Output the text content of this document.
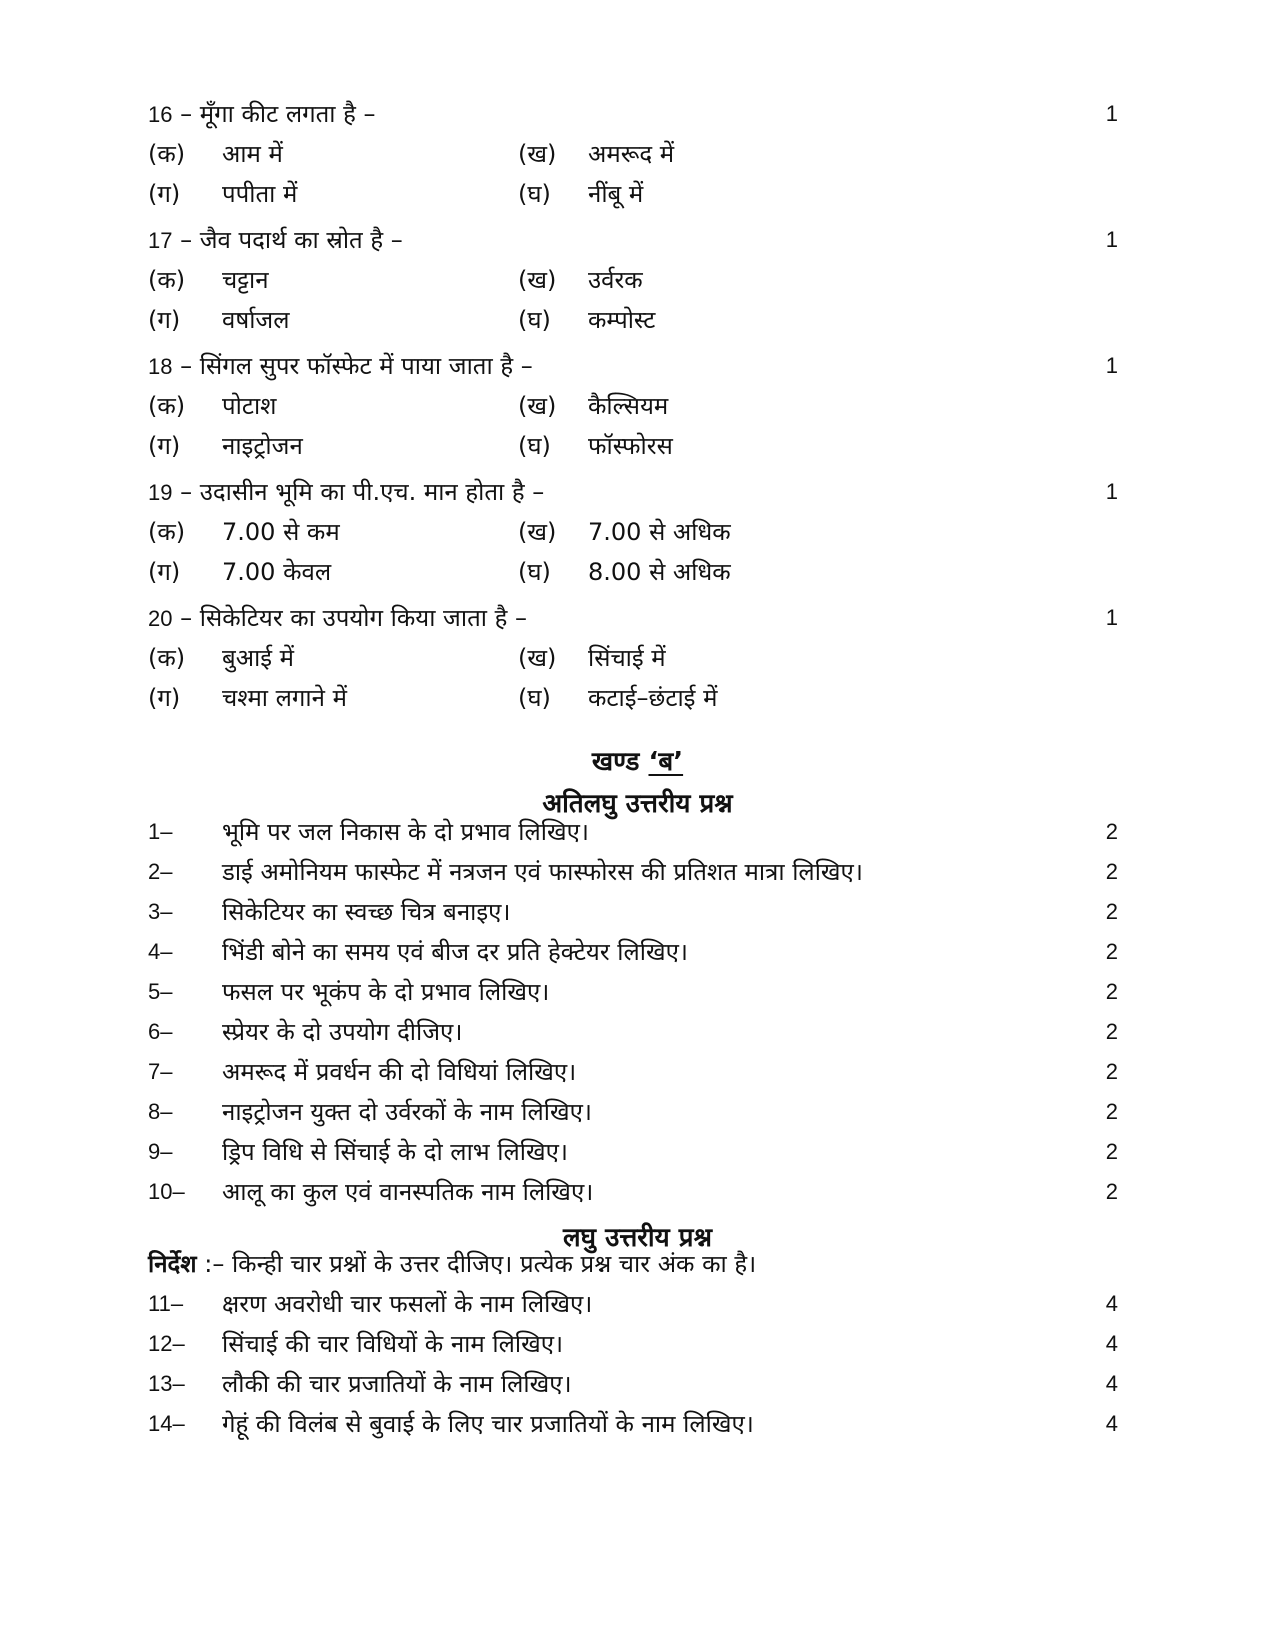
16 – मूँगा कीट लगता है –	1
(क) आम में	(ख) अमरूद में
(ग) पपीता में	(घ) नींबू में
17 – जैव पदार्थ का स्रोत है –	1
(क) चट्टान	(ख) उर्वरक
(ग) वर्षाजल	(घ) कम्पोस्ट
18 – सिंगल सुपर फॉस्फेट में पाया जाता है –	1
(क) पोटाश	(ख) कैल्सियम
(ग) नाइट्रोजन	(घ) फॉस्फोरस
19 – उदासीन भूमि का पी.एच. मान होता है –	1
(क) 7.00 से कम	(ख) 7.00 से अधिक
(ग) 7.00 केवल	(घ) 8.00 से अधिक
20 – सिकेटियर का उपयोग किया जाता है –	1
(क) बुआई में	(ख) सिंचाई में
(ग) चश्मा लगाने में	(घ) कटाई–छंटाई में
खण्ड ‘ब’
अतिलघु उत्तरीय प्रश्न
1–	भूमि पर जल निकास के दो प्रभाव लिखिए।	2
2–	डाई अमोनियम फास्फेट में नत्रजन एवं फास्फोरस की प्रतिशत मात्रा लिखिए।	2
3–	सिकेटियर का स्वच्छ चित्र बनाइए।	2
4–	भिंडी बोने का समय एवं बीज दर प्रति हेक्टेयर लिखिए।	2
5–	फसल पर भूकंप के दो प्रभाव लिखिए।	2
6–	स्प्रेयर के दो उपयोग दीजिए।	2
7–	अमरूद में प्रवर्धन की दो विधियां लिखिए।	2
8–	नाइट्रोजन युक्त दो उर्वरकों के नाम लिखिए।	2
9–	ड्रिप विधि से सिंचाई के दो लाभ लिखिए।	2
10–	आलू का कुल एवं वानस्पतिक नाम लिखिए।	2
लघु उत्तरीय प्रश्न
निर्देश :– किन्ही चार प्रश्नों के उत्तर दीजिए। प्रत्येक प्रश्न चार अंक का है।
11–	क्षरण अवरोधी चार फसलों के नाम लिखिए।	4
12–	सिंचाई की चार विधियों के नाम लिखिए।	4
13–	लौकी की चार प्रजातियों के नाम लिखिए।	4
14–	गेहूं की विलंब से बुवाई के लिए चार प्रजातियों के नाम लिखिए।	4
